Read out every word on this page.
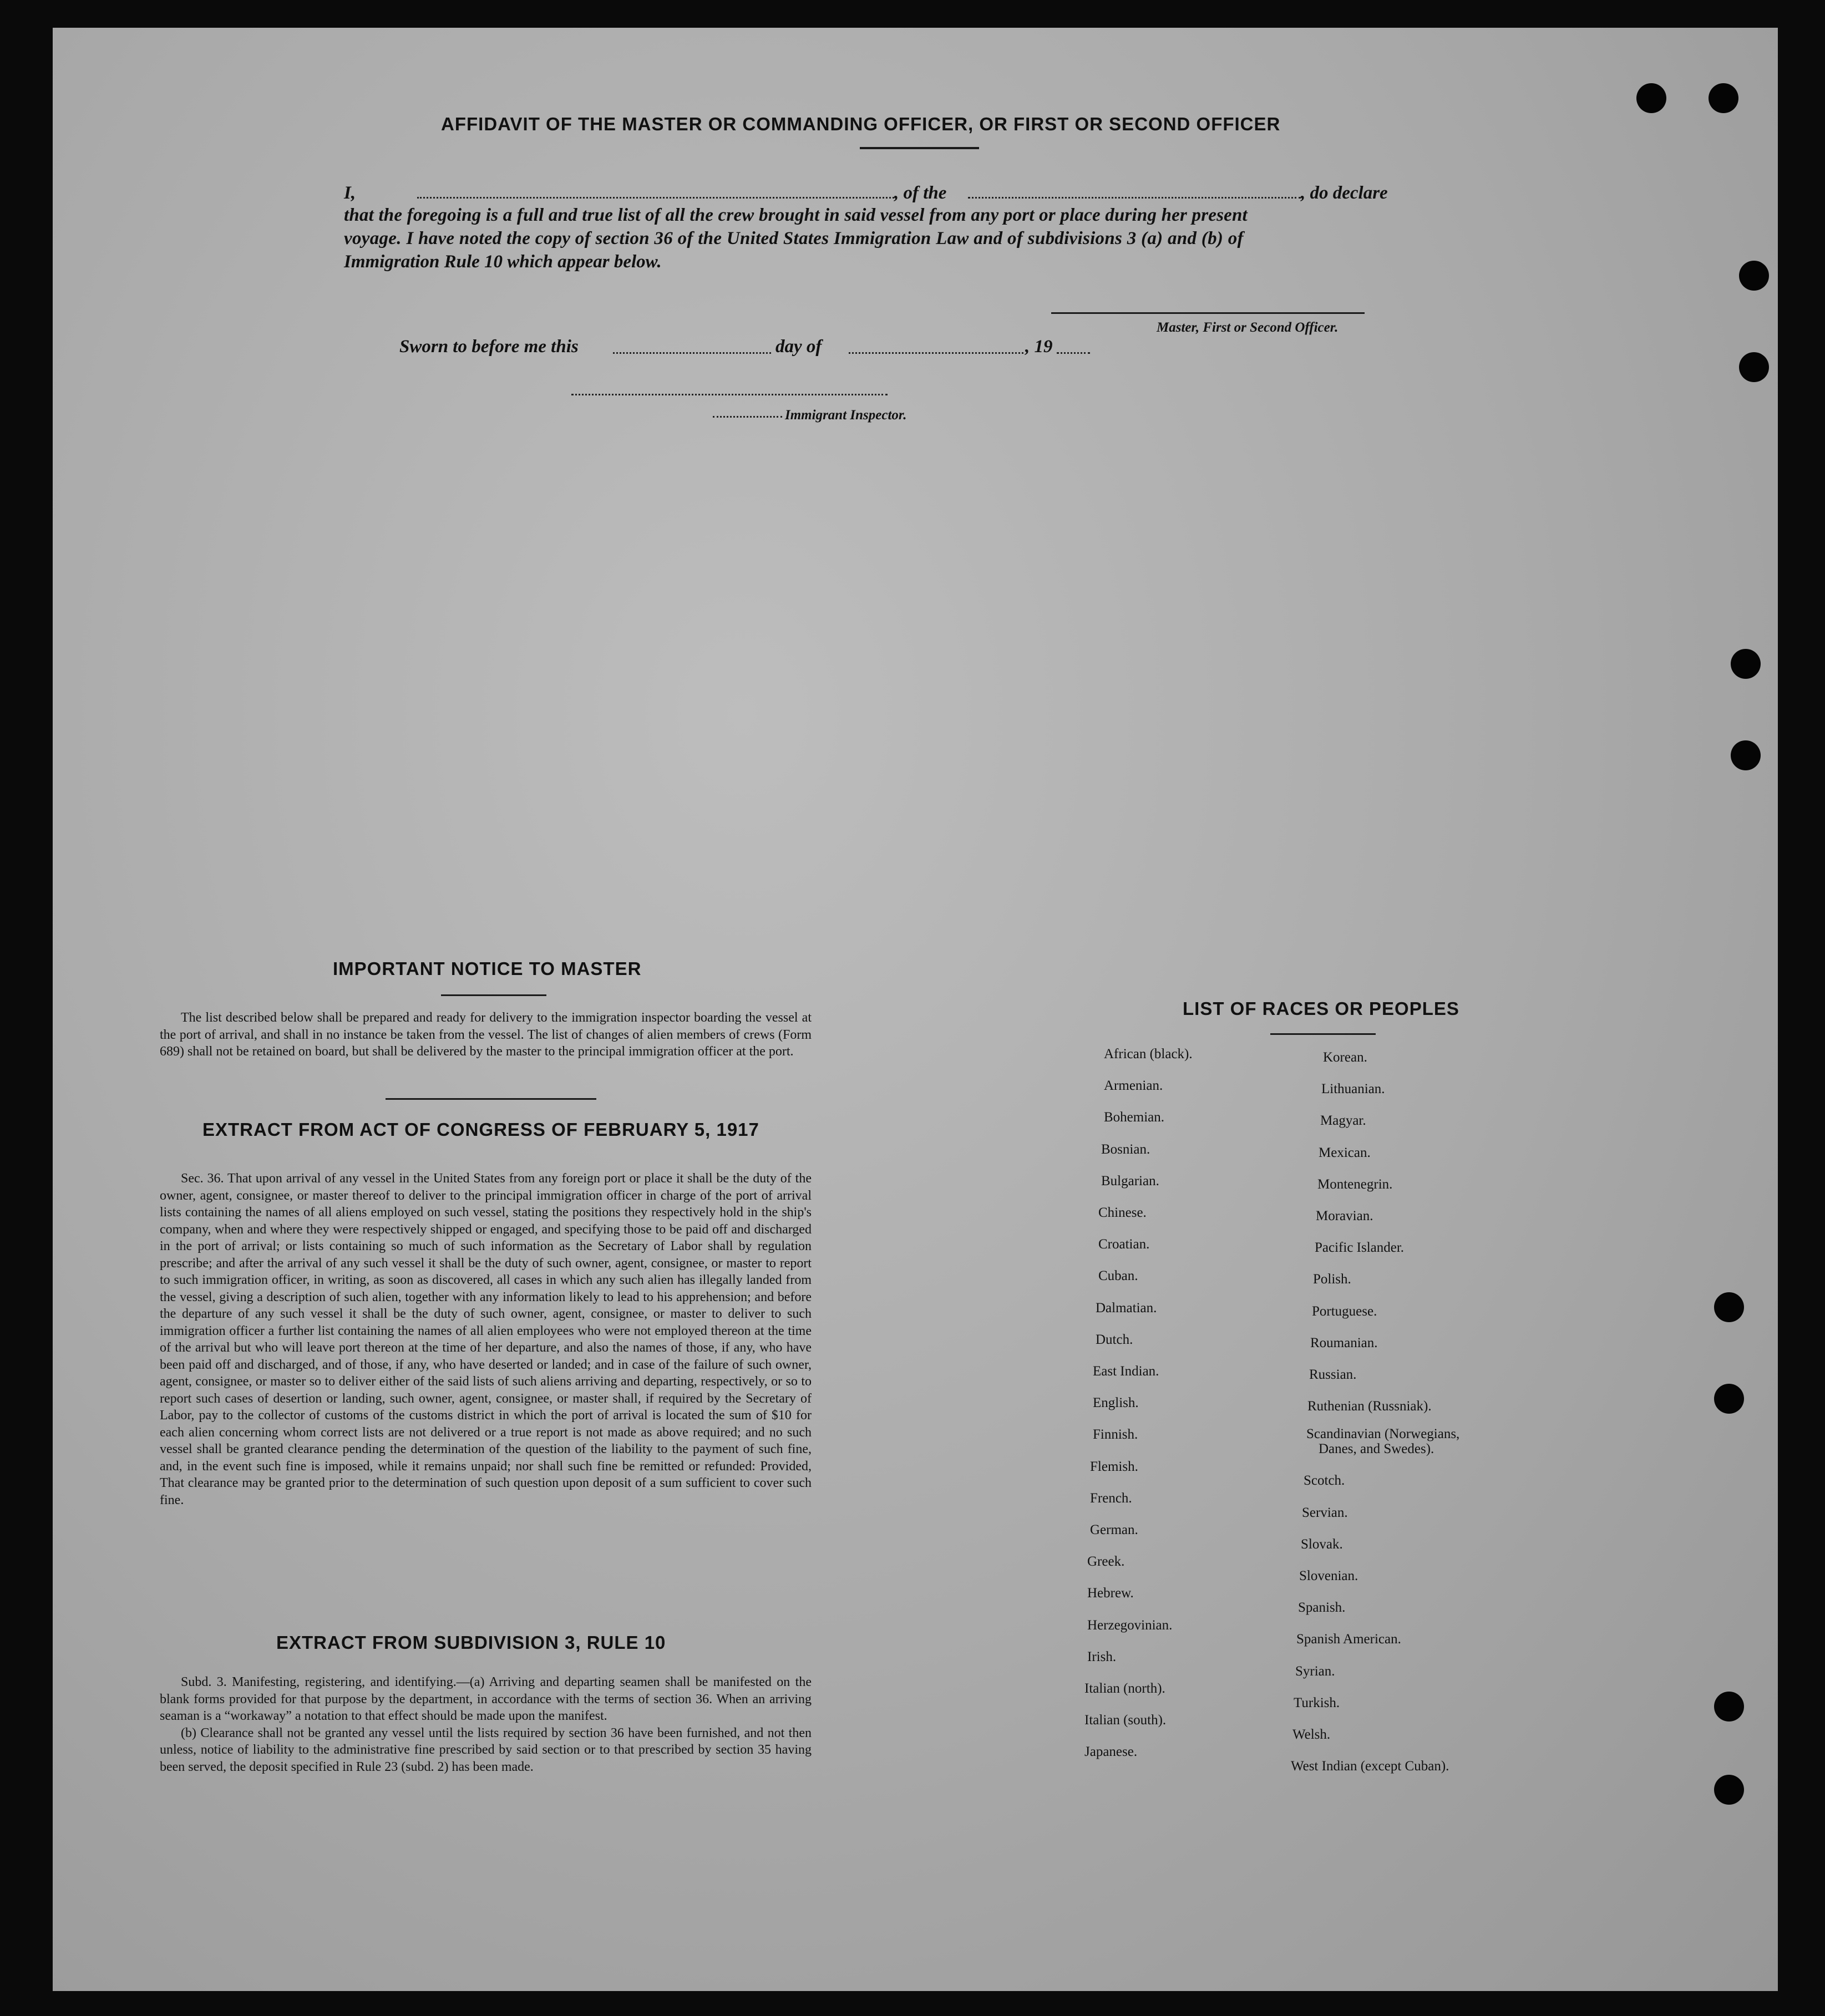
AFFIDAVIT OF THE MASTER OR COMMANDING OFFICER, OR FIRST OR SECOND OFFICER
I,	, of the	, do declare
that the foregoing is a full and true list of all the crew brought in said vessel from any port or place during her present
voyage. I have noted the copy of section 36 of the United States Immigration Law and of subdivisions 3 (a) and (b) of
Immigration Rule 10 which appear below.
Master, First or Second Officer.
Sworn to before me this	day of	, 19
Immigrant Inspector.
IMPORTANT NOTICE TO MASTER

The list described below shall be prepared and ready for delivery to the immigration inspector boarding the vessel at the port of arrival, and shall in no instance be taken from the vessel. The list of changes of alien members of crews (Form 689) shall not be retained on board, but shall be delivered by the master to the principal immigration officer at the port.

EXTRACT FROM ACT OF CONGRESS OF FEBRUARY 5, 1917

Sec. 36. That upon arrival of any vessel in the United States from any foreign port or place it shall be the duty of the owner, agent, consignee, or master thereof to deliver to the principal immigration officer in charge of the port of arrival lists containing the names of all aliens employed on such vessel, stating the positions they respectively hold in the ship's company, when and where they were respectively shipped or engaged, and specifying those to be paid off and discharged in the port of arrival; or lists containing so much of such information as the Secretary of Labor shall by regulation prescribe; and after the arrival of any such vessel it shall be the duty of such owner, agent, consignee, or master to report to such immigration officer, in writing, as soon as discovered, all cases in which any such alien has illegally landed from the vessel, giving a description of such alien, together with any information likely to lead to his apprehension; and before the departure of any such vessel it shall be the duty of such owner, agent, consignee, or master to deliver to such immigration officer a further list containing the names of all alien employees who were not employed thereon at the time of the arrival but who will leave port thereon at the time of her departure, and also the names of those, if any, who have been paid off and discharged, and of those, if any, who have deserted or landed; and in case of the failure of such owner, agent, consignee, or master so to deliver either of the said lists of such aliens arriving and departing, respectively, or so to report such cases of desertion or landing, such owner, agent, consignee, or master shall, if required by the Secretary of Labor, pay to the collector of customs of the customs district in which the port of arrival is located the sum of $10 for each alien concerning whom correct lists are not delivered or a true report is not made as above required; and no such vessel shall be granted clearance pending the determination of the question of the liability to the payment of such fine, and, in the event such fine is imposed, while it remains unpaid; nor shall such fine be remitted or refunded: Provided, That clearance may be granted prior to the determination of such question upon deposit of a sum sufficient to cover such fine.

EXTRACT FROM SUBDIVISION 3, RULE 10

Subd. 3. Manifesting, registering, and identifying.—(a) Arriving and departing seamen shall be manifested on the blank forms provided for that purpose by the department, in accordance with the terms of section 36. When an arriving seaman is a “workaway” a notation to that effect should be made upon the manifest.

(b) Clearance shall not be granted any vessel until the lists required by section 36 have been furnished, and not then unless, notice of liability to the administrative fine prescribed by said section or to that prescribed by section 35 having been served, the deposit specified in Rule 23 (subd. 2) has been made.

LIST OF RACES OR PEOPLES
African (black).
Armenian.
Bohemian.
Bosnian.
Bulgarian.
Chinese.
Croatian.
Cuban.
Dalmatian.
Dutch.
East Indian.
English.
Finnish.
Flemish.
French.
German.
Greek.
Hebrew.
Herzegovinian.
Irish.
Italian (north).
Italian (south).
Japanese.
Korean.
Lithuanian.
Magyar.
Mexican.
Montenegrin.
Moravian.
Pacific Islander.
Polish.
Portuguese.
Roumanian.
Russian.
Ruthenian (Russniak).
Scandinavian (Norwegians,
Danes, and Swedes).
Scotch.
Servian.
Slovak.
Slovenian.
Spanish.
Spanish American.
Syrian.
Turkish.
Welsh.
West Indian (except Cuban).
